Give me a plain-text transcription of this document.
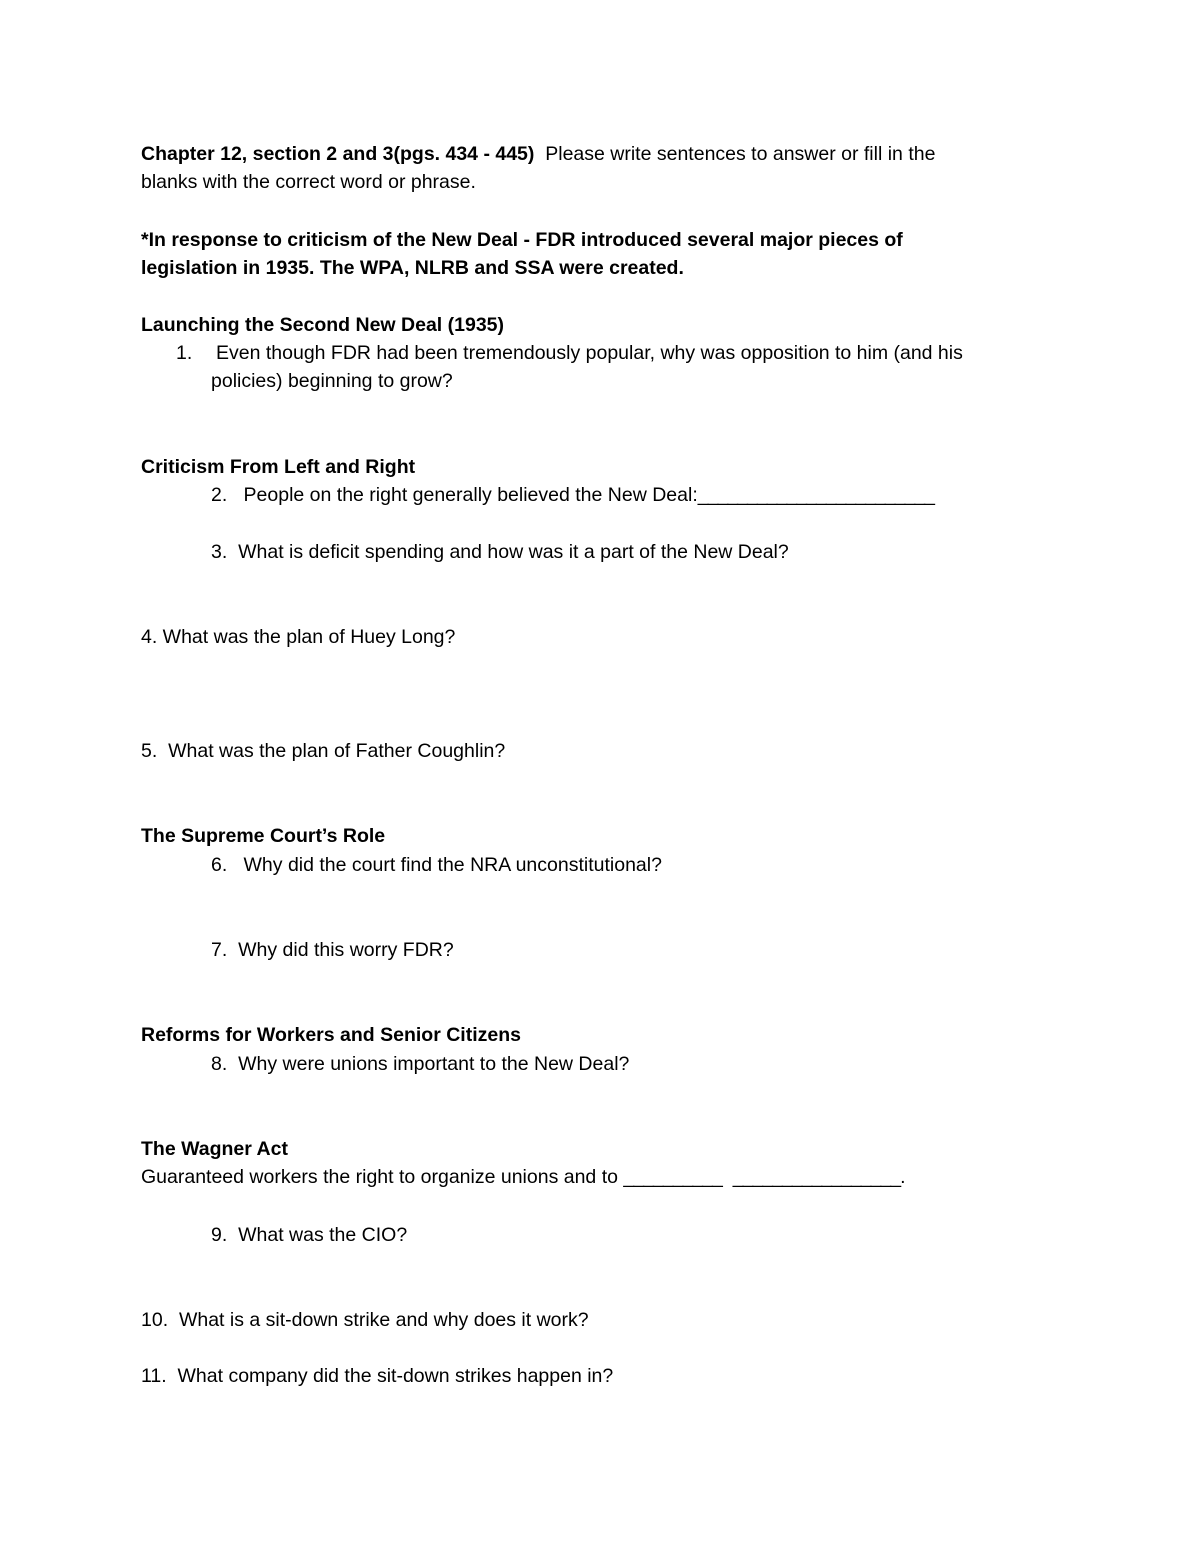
Chapter 12, section 2 and 3(pgs. 434 - 445) Please write sentences to answer or fill in the

blanks with the correct word or phrase.

*In response to criticism of the New Deal - FDR introduced several major pieces of

legislation in 1935. The WPA, NLRB and SSA were created.

Launching the Second New Deal (1935)

1. Even though FDR had been tremendously popular, why was opposition to him (and his

policies) beginning to grow?

Criticism From Left and Right

2. People on the right generally believed the New Deal:________________________

3. What is deficit spending and how was it a part of the New Deal?

4. What was the plan of Huey Long?

5. What was the plan of Father Coughlin?

The Supreme Court’s Role

6. Why did the court find the NRA unconstitutional?

7. Why did this worry FDR?

Reforms for Workers and Senior Citizens

8. Why were unions important to the New Deal?

The Wagner Act

Guaranteed workers the right to organize unions and to __________ _________________.

9. What was the CIO?

10. What is a sit-down strike and why does it work?

11. What company did the sit-down strikes happen in?
